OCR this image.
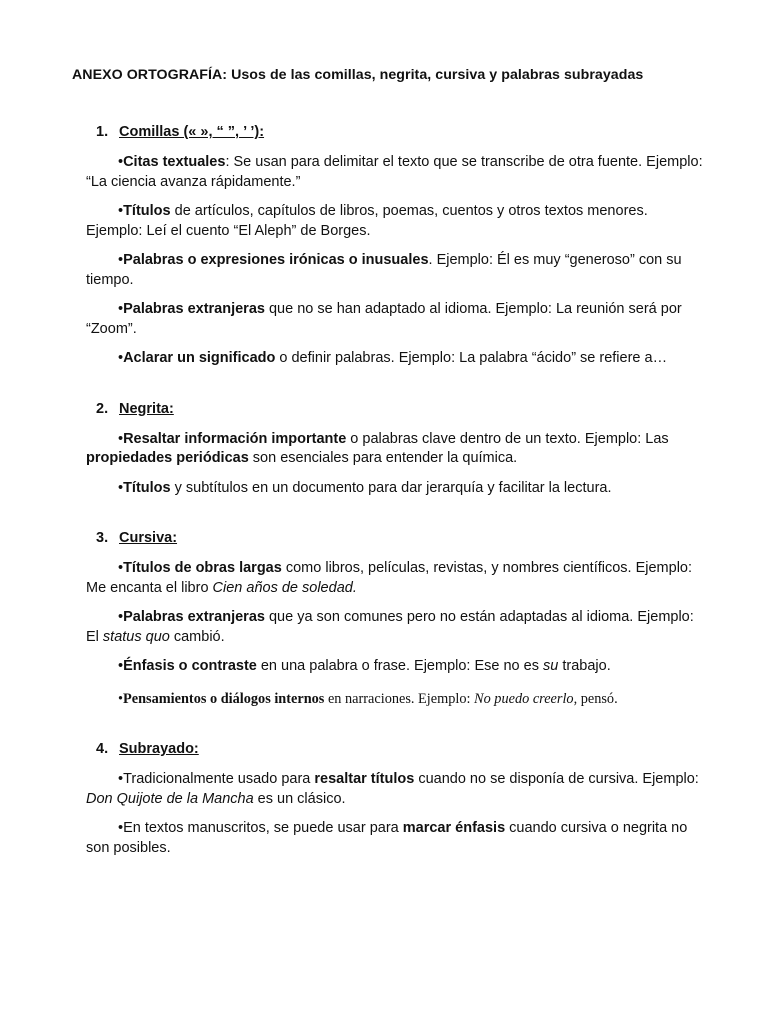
ANEXO ORTOGRAFÍA: Usos de las comillas, negrita, cursiva y palabras subrayadas
1. Comillas (« », “ ”, ’ ’):

•Citas textuales: Se usan para delimitar el texto que se transcribe de otra fuente. Ejemplo: “La ciencia avanza rápidamente.”

•Títulos de artículos, capítulos de libros, poemas, cuentos y otros textos menores. Ejemplo: Leí el cuento “El Aleph” de Borges.

•Palabras o expresiones irónicas o inusuales. Ejemplo: Él es muy “generoso” con su tiempo.

•Palabras extranjeras que no se han adaptado al idioma. Ejemplo: La reunión será por “Zoom”.

•Aclarar un significado o definir palabras. Ejemplo: La palabra “ácido” se refiere a…

2. Negrita:

•Resaltar información importante o palabras clave dentro de un texto. Ejemplo: Las propiedades periódicas son esenciales para entender la química.

•Títulos y subtítulos en un documento para dar jerarquía y facilitar la lectura.

3. Cursiva:

•Títulos de obras largas como libros, películas, revistas, y nombres científicos. Ejemplo: Me encanta el libro Cien años de soledad.

•Palabras extranjeras que ya son comunes pero no están adaptadas al idioma. Ejemplo: El status quo cambió.

•Énfasis o contraste en una palabra o frase. Ejemplo: Ese no es su trabajo.

•Pensamientos o diálogos internos en narraciones. Ejemplo: No puedo creerlo, pensó.

4. Subrayado:

•Tradicionalmente usado para resaltar títulos cuando no se disponía de cursiva. Ejemplo: Don Quijote de la Mancha es un clásico.

•En textos manuscritos, se puede usar para marcar énfasis cuando cursiva o negrita no son posibles.
